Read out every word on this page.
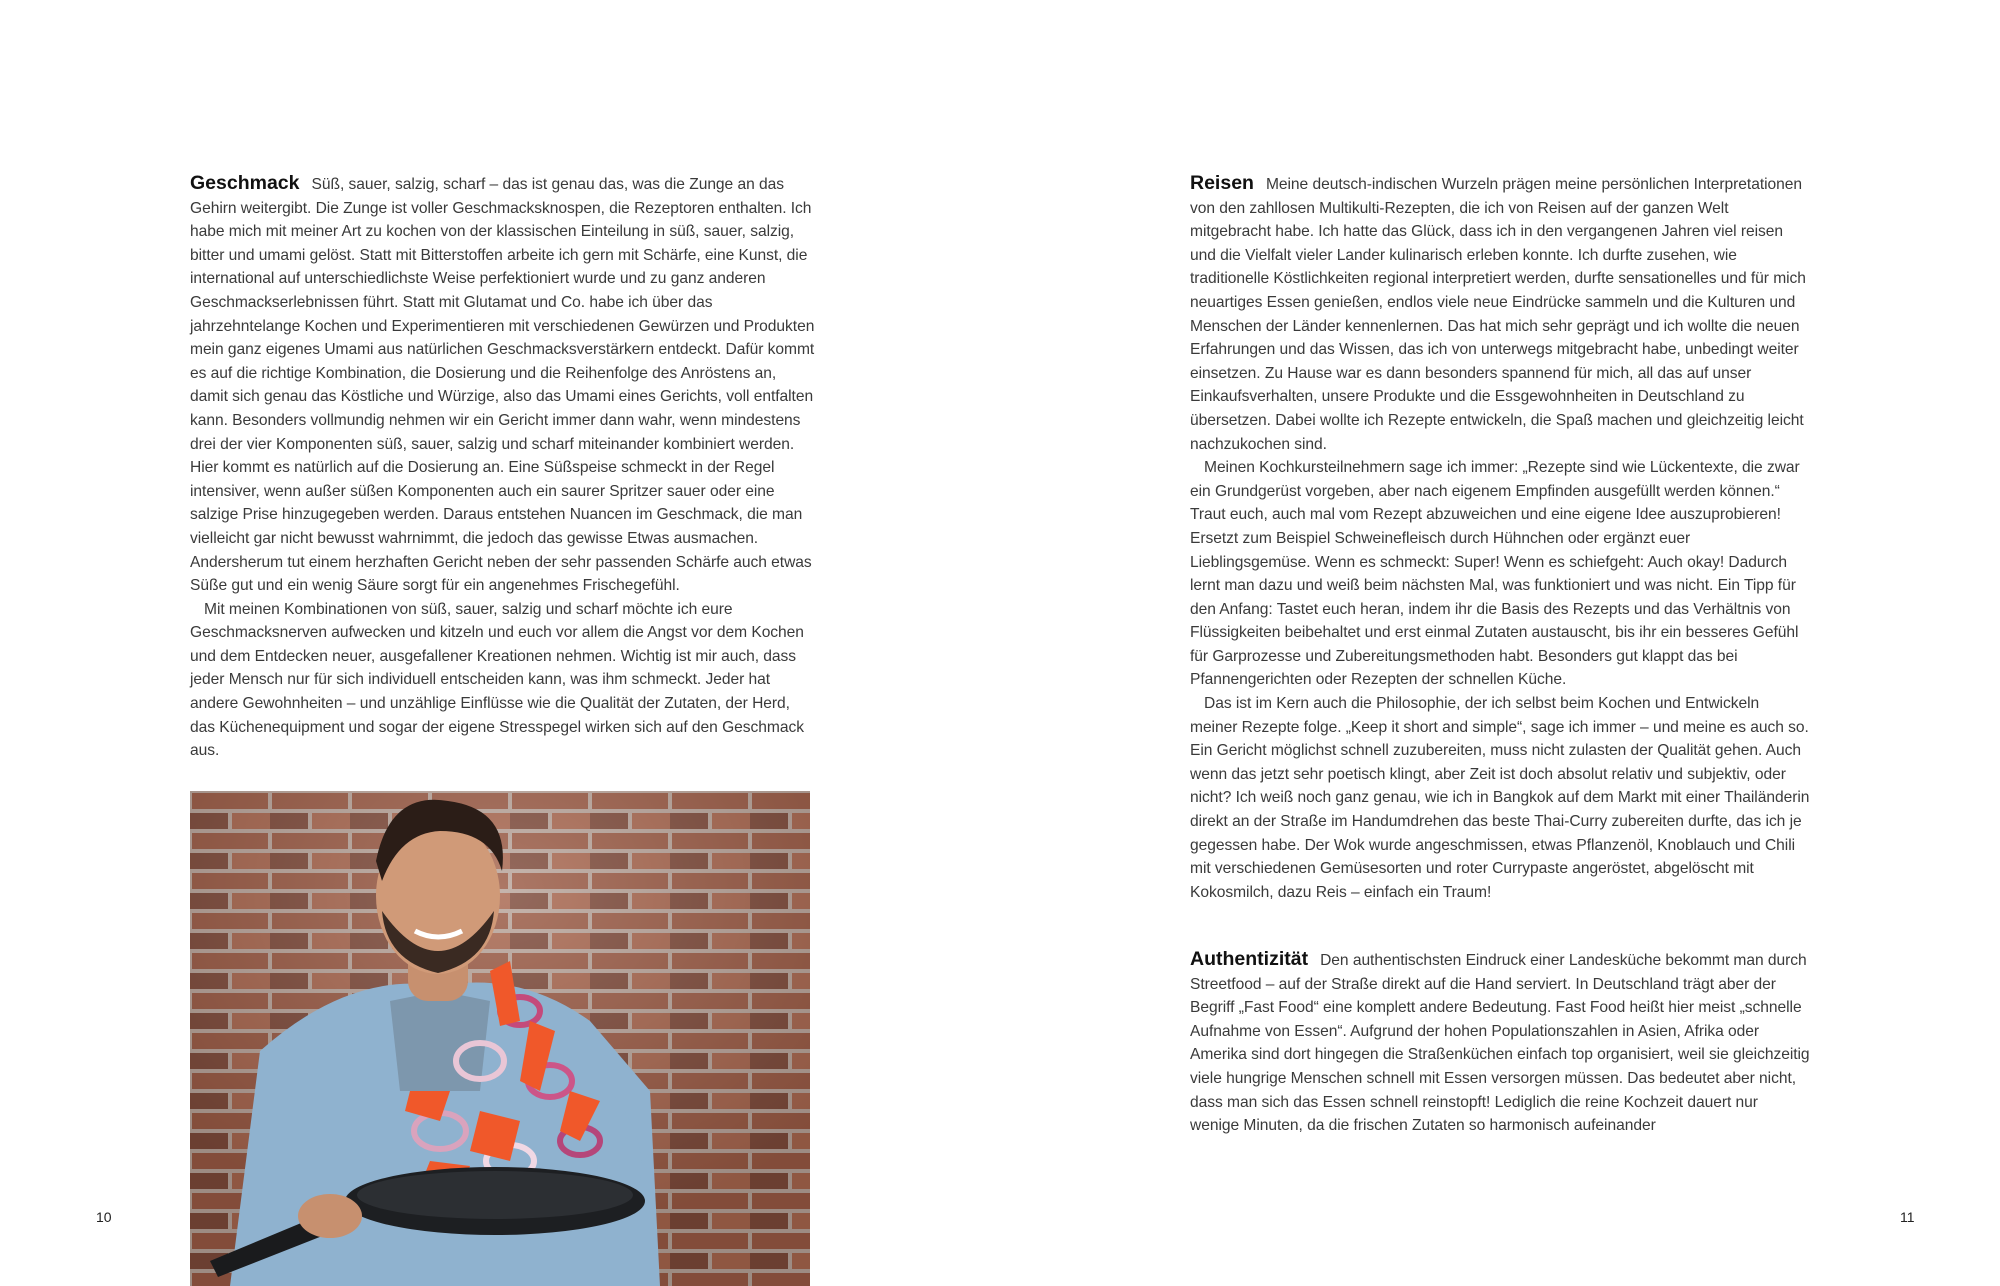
Geschmack Süß, sauer, salzig, scharf – das ist genau das, was die Zunge an das Gehirn weitergibt. Die Zunge ist voller Geschmacksknospen, die Rezeptoren enthalten. Ich habe mich mit meiner Art zu kochen von der klassischen Einteilung in süß, sauer, salzig, bitter und umami gelöst. Statt mit Bitterstoffen arbeite ich gern mit Schärfe, eine Kunst, die international auf unterschiedlichste Weise perfektioniert wurde und zu ganz anderen Geschmackserlebnissen führt. Statt mit Glutamat und Co. habe ich über das jahrzehntelange Kochen und Experimentieren mit verschiedenen Gewürzen und Produkten mein ganz eigenes Umami aus natürlichen Geschmacksverstärkern entdeckt. Dafür kommt es auf die richtige Kombination, die Dosierung und die Reihenfolge des Anröstens an, damit sich genau das Köstliche und Würzige, also das Umami eines Gerichts, voll entfalten kann. Besonders vollmundig nehmen wir ein Gericht immer dann wahr, wenn mindestens drei der vier Komponenten süß, sauer, salzig und scharf miteinander kombiniert werden. Hier kommt es natürlich auf die Dosierung an. Eine Süßspeise schmeckt in der Regel intensiver, wenn außer süßen Komponenten auch ein saurer Spritzer sauer oder eine salzige Prise hinzugegeben werden. Daraus entstehen Nuancen im Geschmack, die man vielleicht gar nicht bewusst wahrnimmt, die jedoch das gewisse Etwas ausmachen. Andersherum tut einem herzhaften Gericht neben der sehr passenden Schärfe auch etwas Süße gut und ein wenig Säure sorgt für ein angenehmes Frischegefühl.

Mit meinen Kombinationen von süß, sauer, salzig und scharf möchte ich eure Geschmacksnerven aufwecken und kitzeln und euch vor allem die Angst vor dem Kochen und dem Entdecken neuer, ausgefallener Kreationen nehmen. Wichtig ist mir auch, dass jeder Mensch nur für sich individuell entscheiden kann, was ihm schmeckt. Jeder hat andere Gewohnheiten – und unzählige Einflüsse wie die Qualität der Zutaten, der Herd, das Küchenequipment und sogar der eigene Stresspegel wirken sich auf den Geschmack aus.

10

Reisen Meine deutsch-indischen Wurzeln prägen meine persönlichen Interpretationen von den zahllosen Multikulti-Rezepten, die ich von Reisen auf der ganzen Welt mitgebracht habe. Ich hatte das Glück, dass ich in den vergangenen Jahren viel reisen und die Vielfalt vieler Lander kulinarisch erleben konnte. Ich durfte zusehen, wie traditionelle Köstlichkeiten regional interpretiert werden, durfte sensationelles und für mich neuartiges Essen genießen, endlos viele neue Eindrücke sammeln und die Kulturen und Menschen der Länder kennenlernen. Das hat mich sehr geprägt und ich wollte die neuen Erfahrungen und das Wissen, das ich von unterwegs mitgebracht habe, unbedingt weiter einsetzen. Zu Hause war es dann besonders spannend für mich, all das auf unser Einkaufsverhalten, unsere Produkte und die Essgewohnheiten in Deutschland zu übersetzen. Dabei wollte ich Rezepte entwickeln, die Spaß machen und gleichzeitig leicht nachzukochen sind.

Meinen Kochkursteilnehmern sage ich immer: „Rezepte sind wie Lückentexte, die zwar ein Grundgerüst vorgeben, aber nach eigenem Empfinden ausgefüllt werden können.“ Traut euch, auch mal vom Rezept abzuweichen und eine eigene Idee auszuprobieren! Ersetzt zum Beispiel Schweinefleisch durch Hühnchen oder ergänzt euer Lieblingsgemüse. Wenn es schmeckt: Super! Wenn es schiefgeht: Auch okay! Dadurch lernt man dazu und weiß beim nächsten Mal, was funktioniert und was nicht. Ein Tipp für den Anfang: Tastet euch heran, indem ihr die Basis des Rezepts und das Verhältnis von Flüssigkeiten beibehaltet und erst einmal Zutaten austauscht, bis ihr ein besseres Gefühl für Garprozesse und Zubereitungsmethoden habt. Besonders gut klappt das bei Pfannengerichten oder Rezepten der schnellen Küche.

Das ist im Kern auch die Philosophie, der ich selbst beim Kochen und Entwickeln meiner Rezepte folge. „Keep it short and simple“, sage ich immer – und meine es auch so. Ein Gericht möglichst schnell zuzubereiten, muss nicht zulasten der Qualität gehen. Auch wenn das jetzt sehr poetisch klingt, aber Zeit ist doch absolut relativ und subjektiv, oder nicht? Ich weiß noch ganz genau, wie ich in Bangkok auf dem Markt mit einer Thailänderin direkt an der Straße im Handumdrehen das beste Thai-Curry zubereiten durfte, das ich je gegessen habe. Der Wok wurde angeschmissen, etwas Pflanzenöl, Knoblauch und Chili mit verschiedenen Gemüsesorten und roter Currypaste angeröstet, abgelöscht mit Kokosmilch, dazu Reis – einfach ein Traum!

Authentizität Den authentischsten Eindruck einer Landesküche bekommt man durch Streetfood – auf der Straße direkt auf die Hand serviert. In Deutschland trägt aber der Begriff „Fast Food“ eine komplett andere Bedeutung. Fast Food heißt hier meist „schnelle Aufnahme von Essen“. Aufgrund der hohen Populationszahlen in Asien, Afrika oder Amerika sind dort hingegen die Straßenküchen einfach top organisiert, weil sie gleichzeitig viele hungrige Menschen schnell mit Essen versorgen müssen. Das bedeutet aber nicht, dass man sich das Essen schnell reinstopft! Lediglich die reine Kochzeit dauert nur wenige Minuten, da die frischen Zutaten so harmonisch aufeinander

11
